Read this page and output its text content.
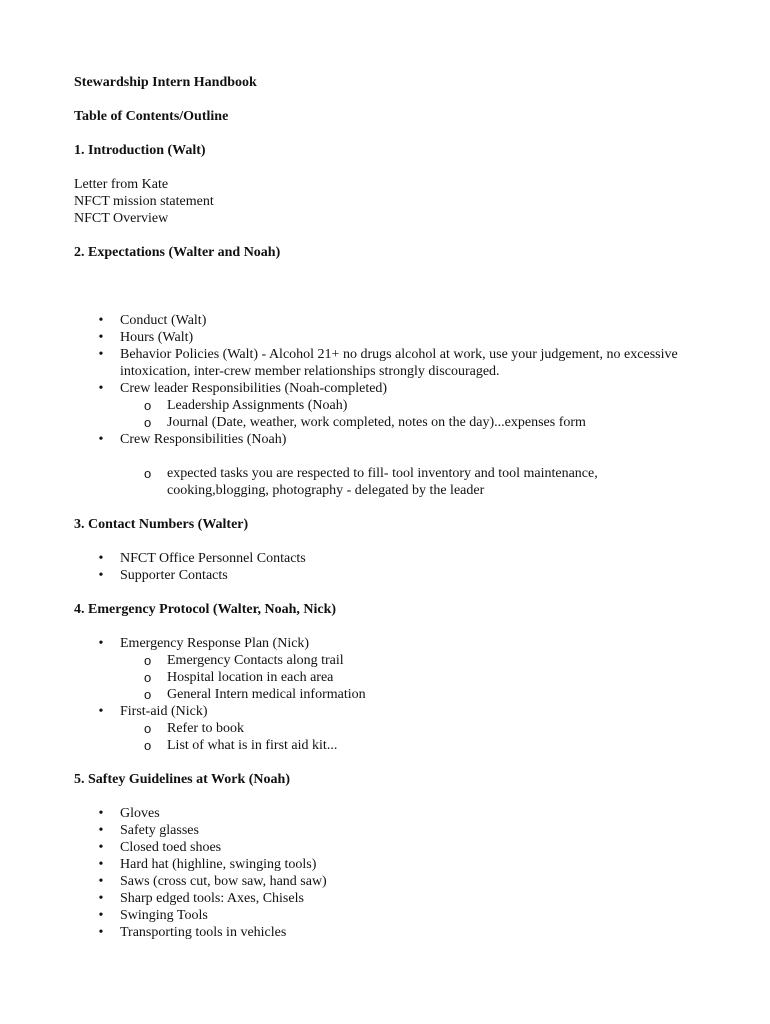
Stewardship Intern Handbook

Table of Contents/Outline

1. Introduction (Walt)

Letter from Kate

NFCT mission statement

NFCT Overview

2. Expectations (Walter and Noah)

• Conduct (Walt)
• Hours (Walt)
• Behavior Policies (Walt) - Alcohol 21+ no drugs alcohol at work, use your judgement, no excessive intoxication, inter-crew member relationships strongly discouraged.
• Crew leader Responsibilities (Noah-completed)
o Leadership Assignments (Noah)
o Journal (Date, weather, work completed, notes on the day)...expenses form
• Crew Responsibilities (Noah)
o expected tasks you are respected to fill- tool inventory and tool maintenance, cooking,blogging, photography - delegated by the leader

3. Contact Numbers (Walter)

• NFCT Office Personnel Contacts
• Supporter Contacts

4. Emergency Protocol (Walter, Noah, Nick)

• Emergency Response Plan (Nick)
o Emergency Contacts along trail
o Hospital location in each area
o General Intern medical information
• First-aid (Nick)
o Refer to book
o List of what is in first aid kit...

5. Saftey Guidelines at Work (Noah)

• Gloves
• Safety glasses
• Closed toed shoes
• Hard hat (highline, swinging tools)
• Saws (cross cut, bow saw, hand saw)
• Sharp edged tools: Axes, Chisels
• Swinging Tools
• Transporting tools in vehicles
